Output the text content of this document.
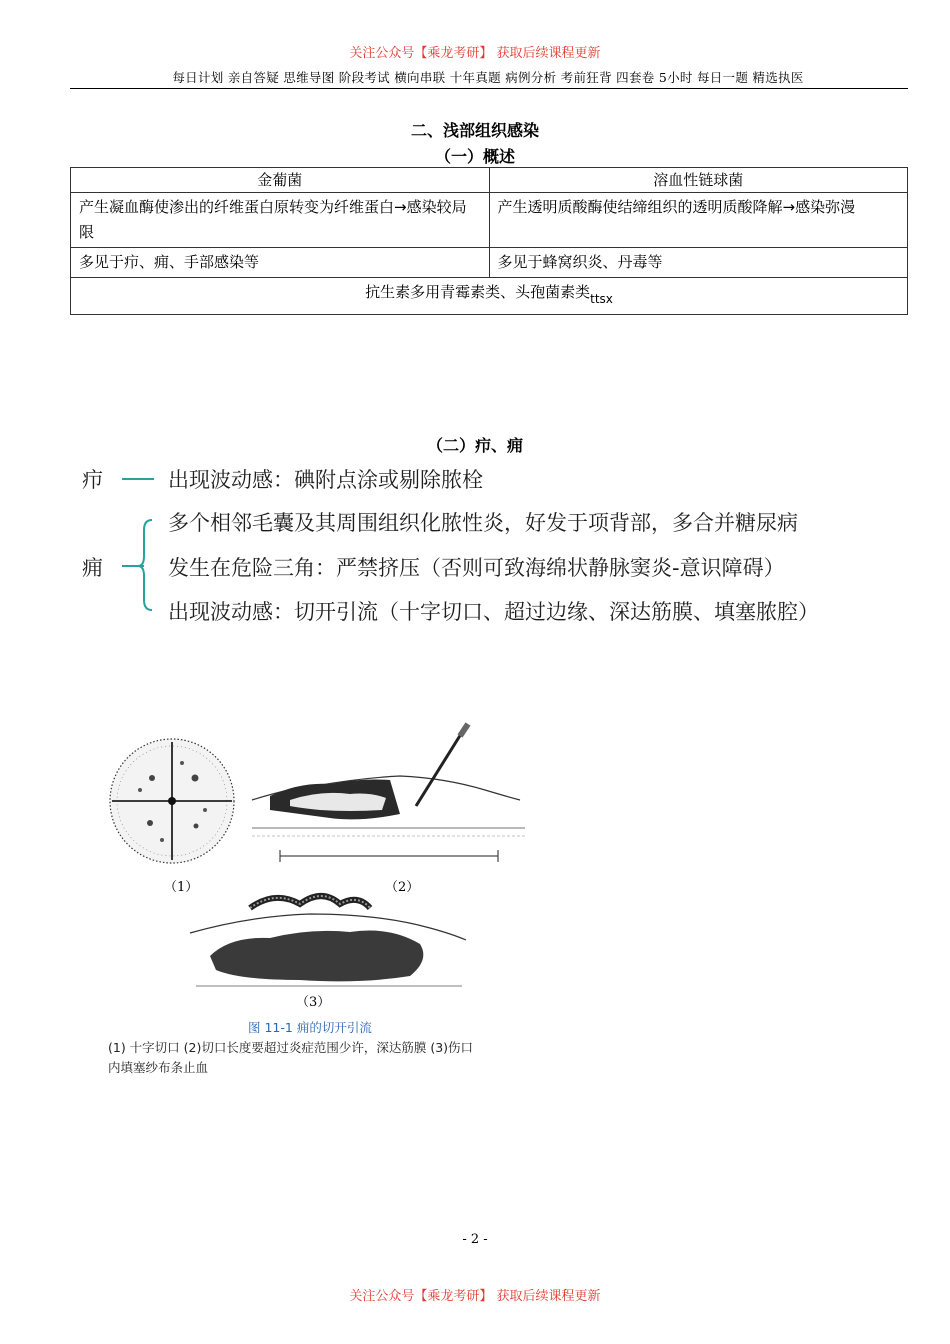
关注公众号【乘龙考研】 获取后续课程更新
每日计划 亲自答疑 思维导图 阶段考试 横向串联 十年真题 病例分析 考前狂背 四套卷 5小时 每日一题 精选执医
二、浅部组织感染
（一）概述
金葡菌	溶血性链球菌
产生凝血酶使渗出的纤维蛋白原转变为纤维蛋白→感染较局限	产生透明质酸酶使结缔组织的透明质酸降解→感染弥漫
多见于疖、痈、手部感染等	多见于蜂窝织炎、丹毒等
抗生素多用青霉素类、头孢菌素类$_{ttsx}$
（二）疖、痈
疖	出现波动感：碘附点涂或剔除脓栓
痈
多个相邻毛囊及其周围组织化脓性炎，好发于项背部，多合并糖尿病
发生在危险三角：严禁挤压（否则可致海绵状静脉窦炎-意识障碍）
出现波动感：切开引流（十字切口、超过边缘、深达筋膜、填塞脓腔）
（1）	（2）
（3）
图 11-1 痈的切开引流
(1) 十字切口 (2)切口长度要超过炎症范围少许，深达筋膜 (3)伤口
内填塞纱布条止血
- 2 -
关注公众号【乘龙考研】 获取后续课程更新
